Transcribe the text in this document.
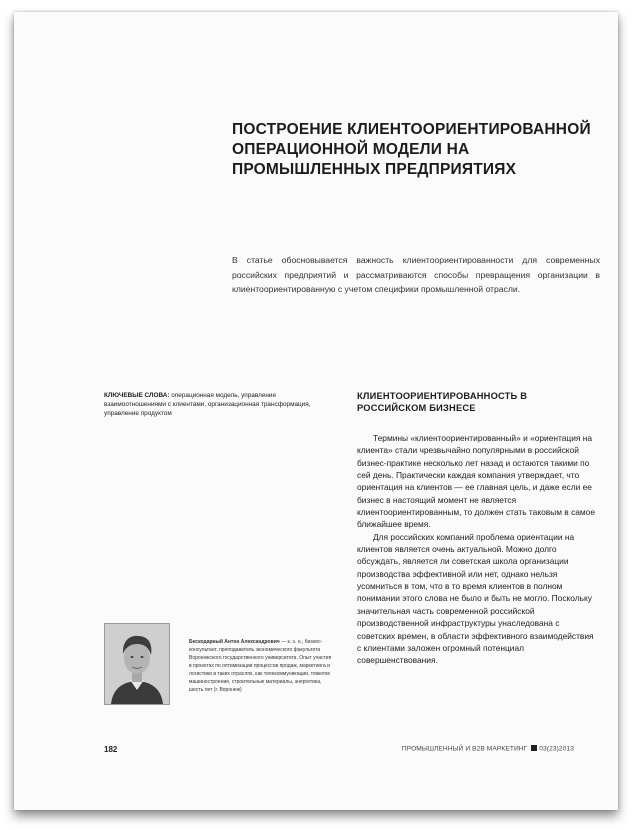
ПОСТРОЕНИЕ КЛИЕНТООРИЕНТИРОВАННОЙ ОПЕРАЦИОННОЙ МОДЕЛИ НА ПРОМЫШЛЕННЫХ ПРЕДПРИЯТИЯХ

В статье обосновывается важность клиентоориентированности для современных российских предприятий и рассматриваются способы превращения организации в клиентоориентированную с учетом специфики промышленной отрасли.

КЛЮЧЕВЫЕ СЛОВА: операционная модель, управление взаимоотношениями с клиентами, организационная трансформация, управление продуктом

КЛИЕНТООРИЕНТИРОВАННОСТЬ В РОССИЙСКОМ БИЗНЕСЕ

Термины «клиентоориентированный» и «ориентация на клиента» стали чрезвычайно популярными в российской бизнес-практике несколько лет назад и остаются такими по сей день. Практически каждая компания утверждает, что ориентация на клиентов — ее главная цель, и даже если ее бизнес в настоящий момент не является клиентоориентированным, то должен стать таковым в самое ближайшее время.

Для российских компаний проблема ориентации на клиентов является очень актуальной. Можно долго обсуждать, является ли советская школа организации производства эффективной или нет, однако нельзя усомниться в том, что в то время клиентов в полном понимании этого слова не было и быть не могло. Поскольку значительная часть современной российской производственной инфраструктуры унаследована с советских времен, в области эффективного взаимодействия с клиентами заложен огромный потенциал совершенствования.

Бескодарный Антон Александрович — к. э. н., бизнес-консультант, преподаватель экономического факультета Воронежского государственного университета. Опыт участия в проектах по оптимизации процессов продаж, маркетинга и логистики в таких отраслях, как телекоммуникации, тяжелое машиностроение, строительные материалы, энергетика, шесть лет (г. Воронеж)

182	ПРОМЫШЛЕННЫЙ И B2B МАРКЕТИНГ 03(23)2013
